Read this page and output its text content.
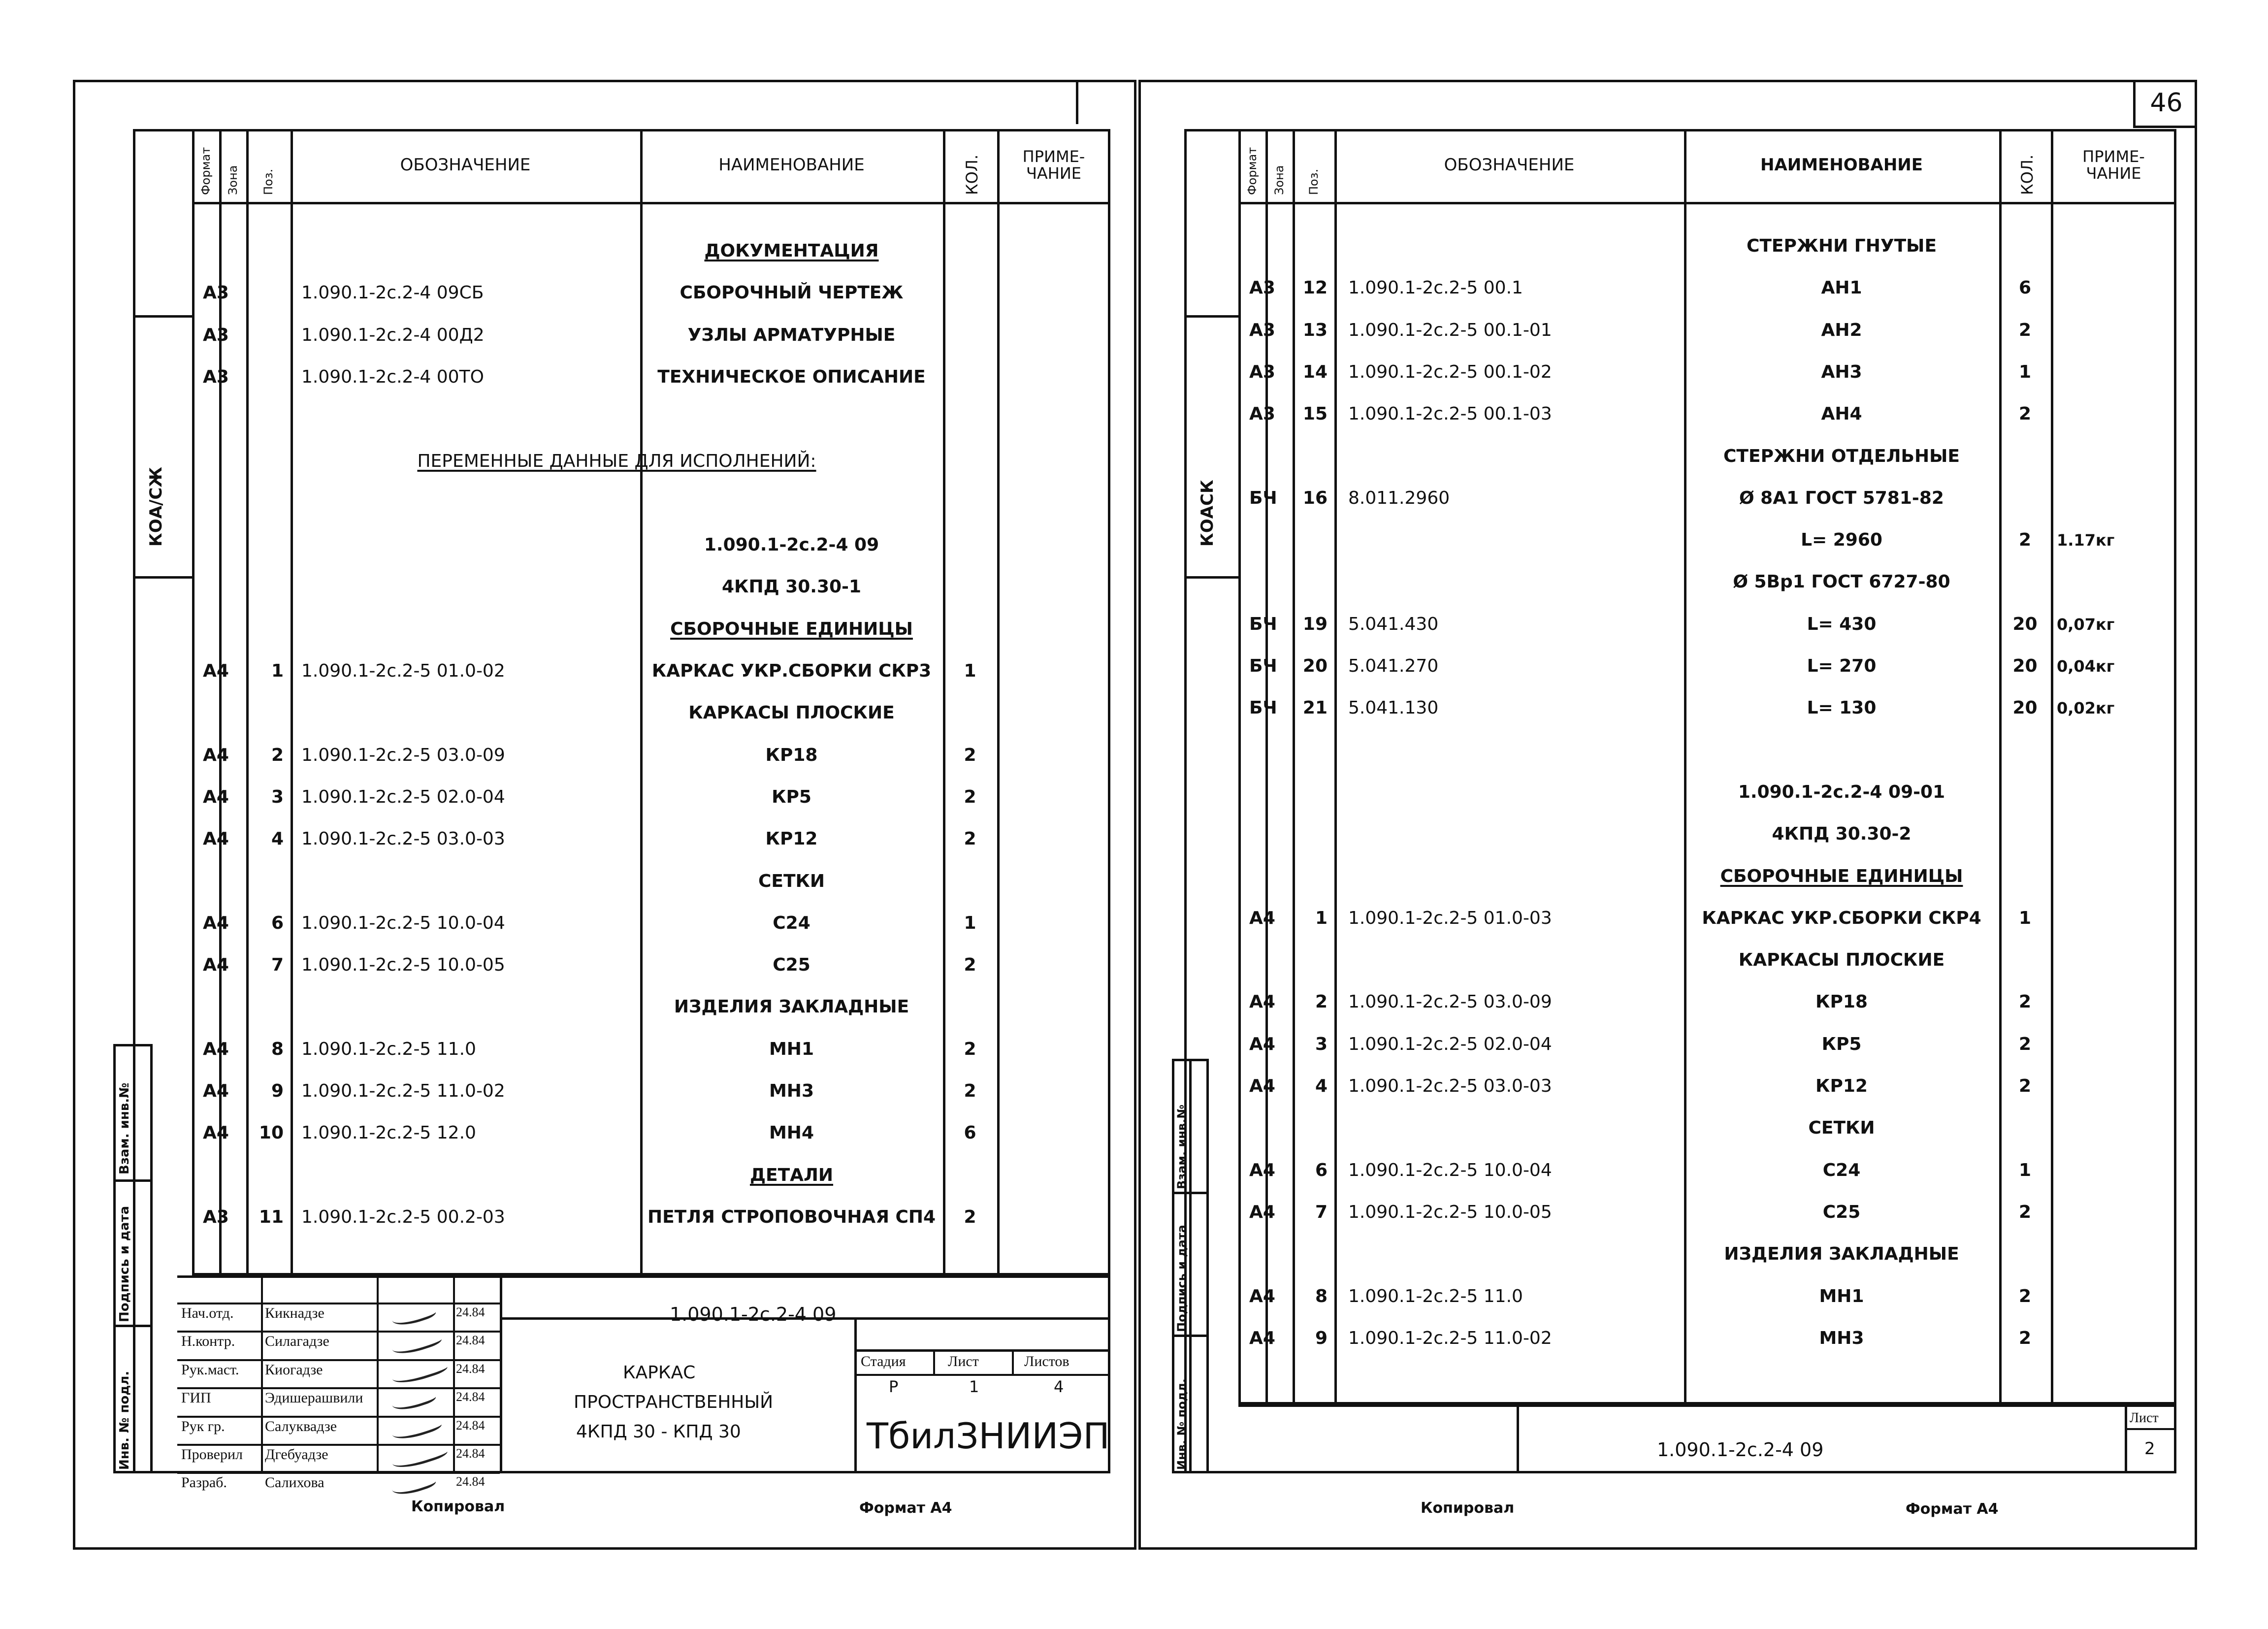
46
Формат Зона Поз.
ОБОЗНАЧЕНИЕ	НАИМЕНОВАНИЕ	КОЛ.	ПРИМЕ-
ЧАНИЕ
ДОКУМЕНТАЦИЯ
А3	1.090.1-2с.2-4 09СБ	СБОРОЧНЫЙ ЧЕРТЕЖ
А3	1.090.1-2с.2-4 00Д2	УЗЛЫ АРМАТУРНЫЕ
А3	1.090.1-2с.2-4 00ТО	ТЕХНИЧЕСКОЕ ОПИСАНИЕ
ПЕРЕМЕННЫЕ ДАННЫЕ ДЛЯ ИСПОЛНЕНИЙ:
1.090.1-2с.2-4 09
4КПД 30.30-1
СБОРОЧНЫЕ ЕДИНИЦЫ
А4	1 1.090.1-2с.2-5 01.0-02	КАРКАС УКР.СБОРКИ СКР3	1
КАРКАСЫ ПЛОСКИЕ
А4	2 1.090.1-2с.2-5 03.0-09	КР18	2
А4	3 1.090.1-2с.2-5 02.0-04	КР5	2
А4	4 1.090.1-2с.2-5 03.0-03	КР12	2
СЕТКИ
А4	6 1.090.1-2с.2-5 10.0-04	С24	1
А4	7 1.090.1-2с.2-5 10.0-05	С25	2
ИЗДЕЛИЯ ЗАКЛАДНЫЕ
А4	8 1.090.1-2с.2-5 11.0	МН1	2
А4	9 1.090.1-2с.2-5 11.0-02	МН3	2
А4	10 1.090.1-2с.2-5 12.0	МН4	6
ДЕТАЛИ
А3	11 1.090.1-2с.2-5 00.2-03	ПЕТЛЯ СТРОПОВОЧНАЯ СП4	2
Формат Зона Поз.
ОБОЗНАЧЕНИЕ	НАИМЕНОВАНИЕ	КОЛ.	ПРИМЕ-
ЧАНИЕ
СТЕРЖНИ ГНУТЫЕ
А3	12 1.090.1-2с.2-5 00.1	АН1	6
А3	13 1.090.1-2с.2-5 00.1-01	АН2	2
А3	14 1.090.1-2с.2-5 00.1-02	АН3	1
А3	15 1.090.1-2с.2-5 00.1-03	АН4	2
СТЕРЖНИ ОТДЕЛЬНЫЕ
БЧ	16 8.011.2960	Ø 8А1 ГОСТ 5781-82
L= 2960	2	1.17кг
Ø 5Вр1 ГОСТ 6727-80
БЧ	19 5.041.430	L= 430	20	0,07кг
БЧ	20 5.041.270	L= 270	20	0,04кг
БЧ	21 5.041.130	L= 130	20	0,02кг
1.090.1-2с.2-4 09-01
4КПД 30.30-2
СБОРОЧНЫЕ ЕДИНИЦЫ
А4	1 1.090.1-2с.2-5 01.0-03	КАРКАС УКР.СБОРКИ СКР4	1
КАРКАСЫ ПЛОСКИЕ
А4	2 1.090.1-2с.2-5 03.0-09	КР18	2
А4	3 1.090.1-2с.2-5 02.0-04	КР5	2
А4	4 1.090.1-2с.2-5 03.0-03	КР12	2
СЕТКИ
А4	6 1.090.1-2с.2-5 10.0-04	С24	1
А4	7 1.090.1-2с.2-5 10.0-05	С25	2
ИЗДЕЛИЯ ЗАКЛАДНЫЕ
А4	8 1.090.1-2с.2-5 11.0	МН1	2
А4	9 1.090.1-2с.2-5 11.0-02	МН3	2
КОА/СЖ
Инв. № подл.
Подпись и дата
Взам. инв.№
КОАСК
Инв. № подл.
Подпись и дата
Взам. инв.№
Нач.отд. Кикнадзе	24.84
Н.контр. Силагадзе	24.84
Рук.маст. Киогадзе	24.84
ГИП	Эдишерашвили	24.84
Рук гр.	Салуквадзе	24.84
Проверил Дгебуадзе	24.84
Разраб.	Салихова	24.84
1.090.1-2с.2-4 09
КАРКАС
ПРОСТРАНСТВЕННЫЙ
4КПД 30 - КПД 30
Стадия	Лист	Листов
Р	1	4
ТбилЗНИИЭП	1.090.1-2с.2-4 09
Лист
2
Копировал	Формат А4	Копировал	Формат А4
